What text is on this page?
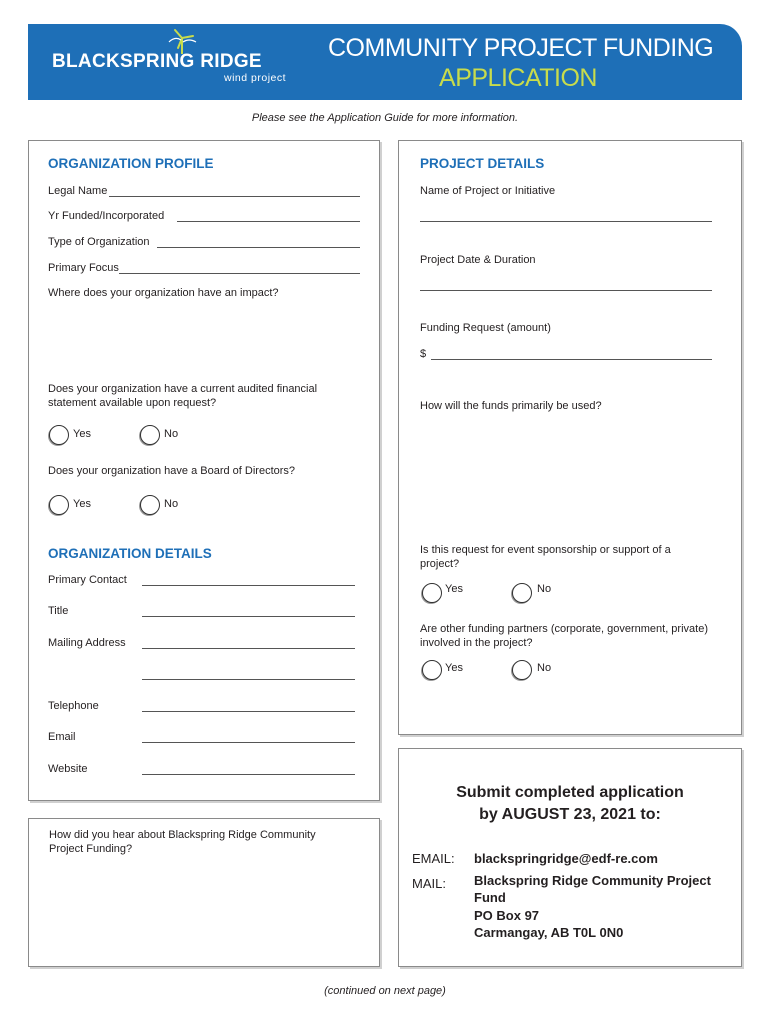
BLACKSPRING RIDGE
wind project
COMMUNITY PROJECT FUNDING
APPLICATION
Please see the Application Guide for more information.
ORGANIZATION PROFILE
Legal Name
Yr Funded/Incorporated
Type of Organization
Primary Focus
Where does your organization have an impact?
Does your organization have a current audited financial statement available upon request?
Yes	No
Does your organization have a Board of Directors?
Yes	No
ORGANIZATION DETAILS
Primary Contact
Title
Mailing Address
Telephone
Email
Website
PROJECT DETAILS
Name of Project or Initiative
Project Date & Duration
Funding Request (amount)
$
How will the funds primarily be used?
Is this request for event sponsorship or support of a project?
Yes	No
Are other funding partners (corporate, government, private) involved in the project?
Yes	No
How did you hear about Blackspring Ridge Community Project Funding?
Submit completed application
by AUGUST 23, 2021 to:
EMAIL: blackspringridge@edf-re.com
MAIL: Blackspring Ridge Community Project Fund
PO Box 97
Carmangay, AB T0L 0N0
(continued on next page)
